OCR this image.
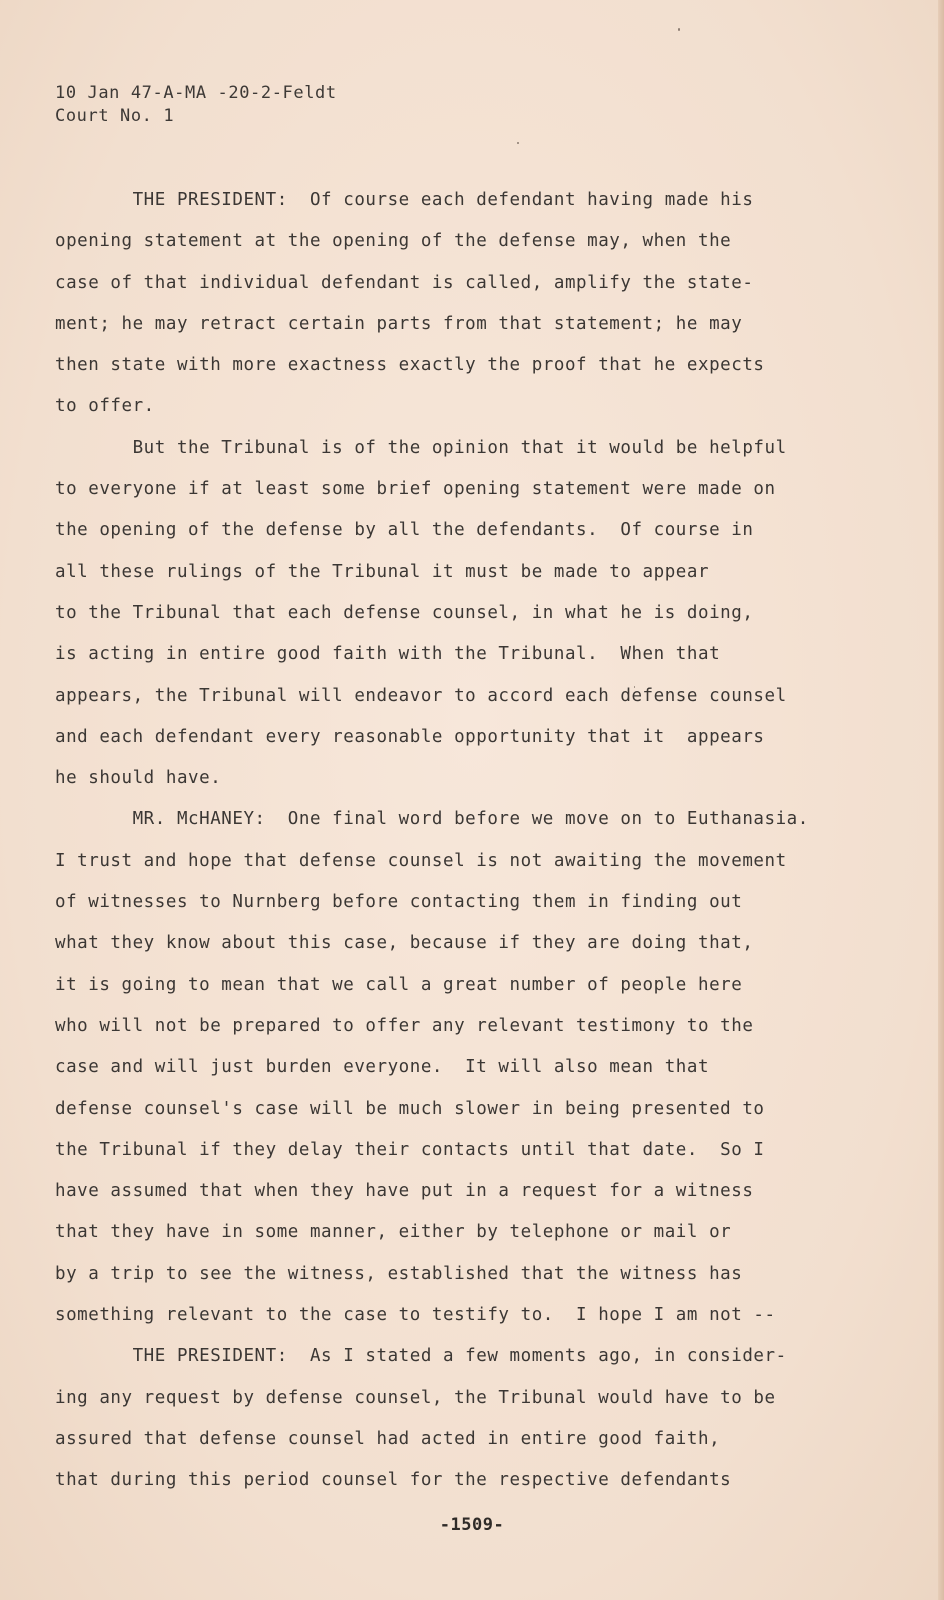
10 Jan 47-A-MA -20-2-Feldt
Court No. 1
THE PRESIDENT:  Of course each defendant having made his
opening statement at the opening of the defense may, when the
case of that individual defendant is called, amplify the state-
ment; he may retract certain parts from that statement; he may
then state with more exactness exactly the proof that he expects
to offer.
But the Tribunal is of the opinion that it would be helpful
to everyone if at least some brief opening statement were made on
the opening of the defense by all the defendants.  Of course in
all these rulings of the Tribunal it must be made to appear
to the Tribunal that each defense counsel, in what he is doing,
is acting in entire good faith with the Tribunal.  When that
appears, the Tribunal will endeavor to accord each defense counsel
and each defendant every reasonable opportunity that it  appears
he should have.
MR. McHANEY:  One final word before we move on to Euthanasia.
I trust and hope that defense counsel is not awaiting the movement
of witnesses to Nurnberg before contacting them in finding out
what they know about this case, because if they are doing that,
it is going to mean that we call a great number of people here
who will not be prepared to offer any relevant testimony to the
case and will just burden everyone.  It will also mean that
defense counsel's case will be much slower in being presented to
the Tribunal if they delay their contacts until that date.  So I
have assumed that when they have put in a request for a witness
that they have in some manner, either by telephone or mail or
by a trip to see the witness, established that the witness has
something relevant to the case to testify to.  I hope I am not --
THE PRESIDENT:  As I stated a few moments ago, in consider-
ing any request by defense counsel, the Tribunal would have to be
assured that defense counsel had acted in entire good faith,
that during this period counsel for the respective defendants
-1509-
